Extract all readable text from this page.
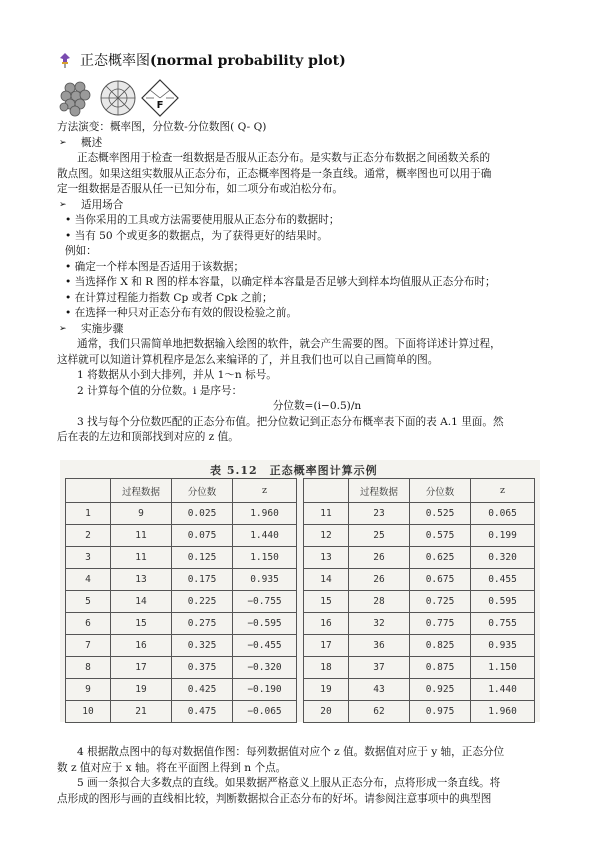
正态概率图(normal probability plot)
F
方法演变：概率图，分位数-分位数图( Q- Q)
➢	概述
正态概率图用于检查一组数据是否服从正态分布。是实数与正态分布数据之间函数关系的
散点图。如果这组实数服从正态分布，正态概率图将是一条直线。通常，概率图也可以用于确
定一组数据是否服从任一已知分布，如二项分布或泊松分布。
➢	适用场合
• 当你采用的工具或方法需要使用服从正态分布的数据时；
• 当有 50 个或更多的数据点，为了获得更好的结果时。
例如：
• 确定一个样本图是否适用于该数据；
• 当选择作 X 和 R 图的样本容量，以确定样本容量是否足够大到样本均值服从正态分布时；
• 在计算过程能力指数 Cp 或者 Cpk 之前；
• 在选择一种只对正态分布有效的假设检验之前。
➢	实施步骤
通常，我们只需简单地把数据输入绘图的软件，就会产生需要的图。下面将详述计算过程，
这样就可以知道计算机程序是怎么来编译的了，并且我们也可以自己画简单的图。
1 将数据从小到大排列，并从 1～n 标号。
2 计算每个值的分位数。i 是序号：
分位数=(i−0.5)/n
3 找与每个分位数匹配的正态分布值。把分位数记到正态分布概率表下面的表 A.1 里面。然
后在表的左边和顶部找到对应的 z 值。
表 5.12　正态概率图计算示例
	过程数据	分位数	z			过程数据	分位数	z
1	9	0.025	1.960		11	23	0.525	0.065
2	11	0.075	1.440		12	25	0.575	0.199
3	11	0.125	1.150		13	26	0.625	0.320
4	13	0.175	0.935		14	26	0.675	0.455
5	14	0.225	−0.755		15	28	0.725	0.595
6	15	0.275	−0.595		16	32	0.775	0.755
7	16	0.325	−0.455		17	36	0.825	0.935
8	17	0.375	−0.320		18	37	0.875	1.150
9	19	0.425	−0.190		19	43	0.925	1.440
10	21	0.475	−0.065		20	62	0.975	1.960
4 根据散点图中的每对数据值作图：每列数据值对应个 z 值。数据值对应于 y 轴，正态分位
数 z 值对应于 x 轴。将在平面图上得到 n 个点。
5 画一条拟合大多数点的直线。如果数据严格意义上服从正态分布，点将形成一条直线。将
点形成的图形与画的直线相比较，判断数据拟合正态分布的好坏。请参阅注意事项中的典型图
